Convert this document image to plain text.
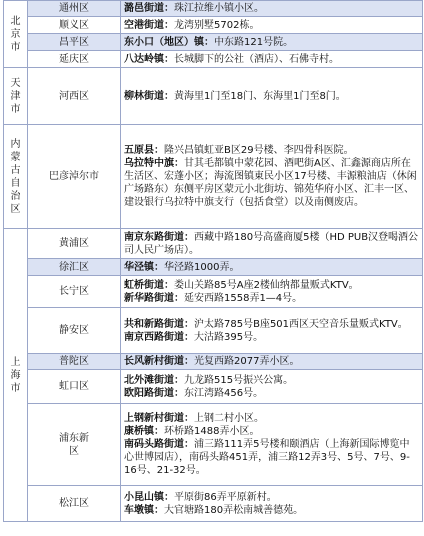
北京市	通州区	潞邑街道：珠江拉维小镇小区。

	顺义区	空港街道：龙湾别墅5702栋。

	昌平区	东小口（地区）镇：中东路121号院。

	延庆区	八达岭镇：长城脚下的公社（酒店）、石佛寺村。

天津市	河西区	柳林街道：黄海里1门至18门、东海里1门至8门。

内蒙古自治区	巴彦淖尔市	五原县：隆兴昌镇虹亚B区29号楼、李四骨科医院。
乌拉特中旗：甘其毛都镇中蒙花园、酒吧街A区、汇鑫源商店所在生活区、宏蓬小区；海流图镇東民小区17号楼、丰源粮油店（休闲广场路东）东侧平房区蒙元小北街坊、锦苑华府小区、汇丰一区、建设银行乌拉特中旗支行（包括食堂）以及南侧废店。

上海市	黄浦区	南京东路街道：西藏中路180号高盛商厦5楼（HD PUB汉登喝酒公司人民广场店）。

	徐汇区	华泾镇：华泾路1000弄。

	长宁区	虹桥街道：娄山关路85号A座2楼仙纳都量贩式KTV。
新华路街道：延安西路1558弄1—4号。

	静安区	共和新路街道：沪太路785号B座501西区天空音乐量贩式KTV。
南京西路街道：大沽路395号。

	普陀区	长风新村街道：光复西路2077弄小区。

	虹口区	北外滩街道：九龙路515号振兴公寓。
欧阳路街道：东江湾路456号。

	浦东新区	上钢新村街道：上钢二村小区。
康桥镇：环桥路1488弄小区。
南码头路街道：浦三路111弄5号楼和颐酒店（上海新国际博览中心世博园店），南码头路451弄，浦三路12弄3号、5号、7号、9-16号、21-32号。

	松江区	小昆山镇：平原街86弄平原新村。
车墩镇：大官塘路180弄松南城善德苑。
